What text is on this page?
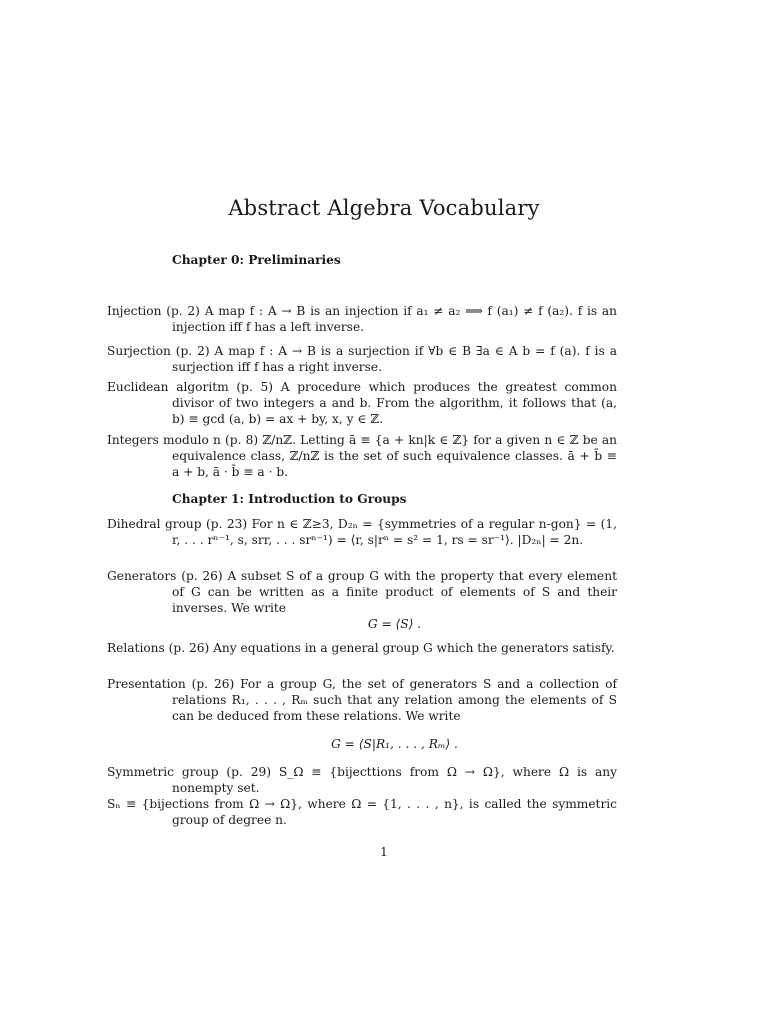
Abstract Algebra Vocabulary
Chapter 0: Preliminaries
Injection (p. 2) A map f : A → B is an injection if a₁ ≠ a₂ ⟹ f (a₁) ≠ f (a₂). f is an injection iff f has a left inverse.
Surjection (p. 2) A map f : A → B is a surjection if ∀b ∈ B ∃a ∈ A b = f (a). f is a surjection iff f has a right inverse.
Euclidean algoritm (p. 5) A procedure which produces the greatest common divisor of two integers a and b. From the algorithm, it follows that (a, b) ≡ gcd (a, b) = ax + by, x, y ∈ ℤ.
Integers modulo n (p. 8) ℤ/nℤ. Letting ā ≡ {a + kn|k ∈ ℤ} for a given n ∈ ℤ be an equivalence class, ℤ/nℤ is the set of such equivalence classes. ā + b̄ ≡ a + b, ā · b̄ ≡ a · b.
Chapter 1: Introduction to Groups
Dihedral group (p. 23) For n ∈ ℤ≥3, D₂ₙ = {symmetries of a regular n-gon} = (1, r, . . . rⁿ⁻¹, s, srr, . . . srⁿ⁻¹) = ⟨r, s|rⁿ = s² = 1, rs = sr⁻¹⟩. |D₂ₙ| = 2n.
Generators (p. 26) A subset S of a group G with the property that every element of G can be written as a finite product of elements of S and their inverses. We write
G = ⟨S⟩ .
Relations (p. 26) Any equations in a general group G which the generators satisfy.
Presentation (p. 26) For a group G, the set of generators S and a collection of relations R₁, . . . , Rₘ such that any relation among the elements of S can be deduced from these relations. We write
G = ⟨S|R₁, . . . , Rₘ⟩ .
Symmetric group (p. 29) S_Ω ≡ {bijecttions from Ω → Ω}, where Ω is any nonempty set.
Sₙ ≡ {bijections from Ω → Ω}, where Ω = {1, . . . , n}, is called the symmetric group of degree n.
1
